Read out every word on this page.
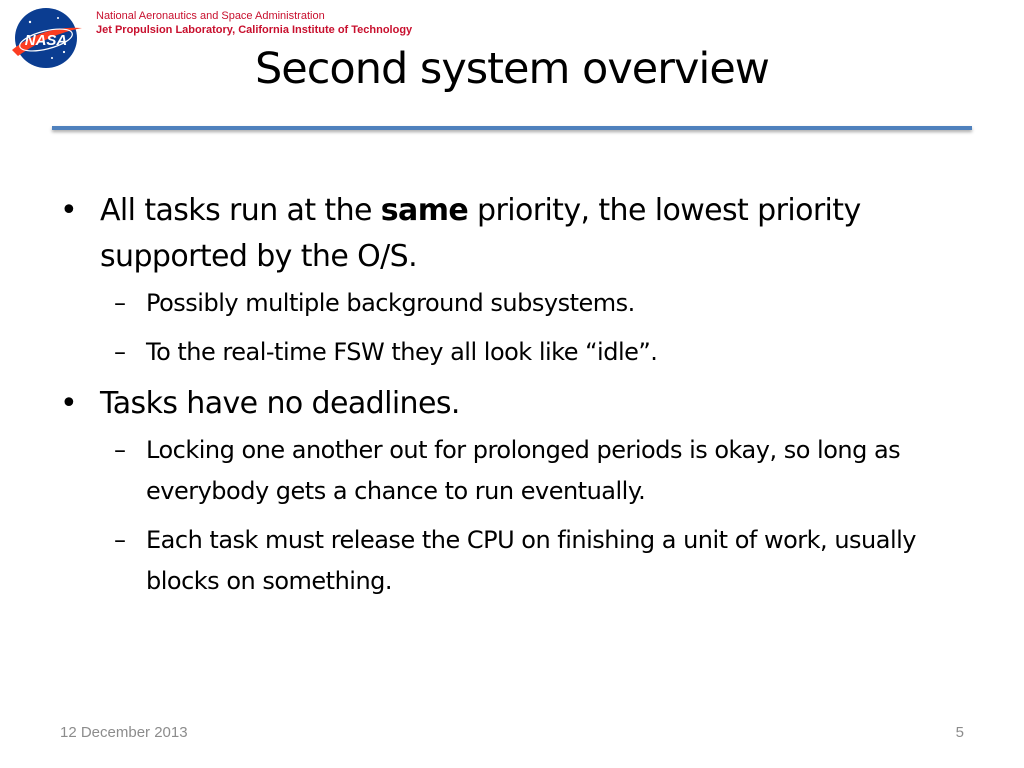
NASA
National Aeronautics and Space Administration
Jet Propulsion Laboratory, California Institute of Technology
Second system overview
• All tasks run at the same priority, the lowest priority supported by the O/S.
– Possibly multiple background subsystems.
– To the real-time FSW they all look like “idle”.
• Tasks have no deadlines.
– Locking one another out for prolonged periods is okay, so long as everybody gets a chance to run eventually.
– Each task must release the CPU on finishing a unit of work, usually blocks on something.
12 December 2013	5
